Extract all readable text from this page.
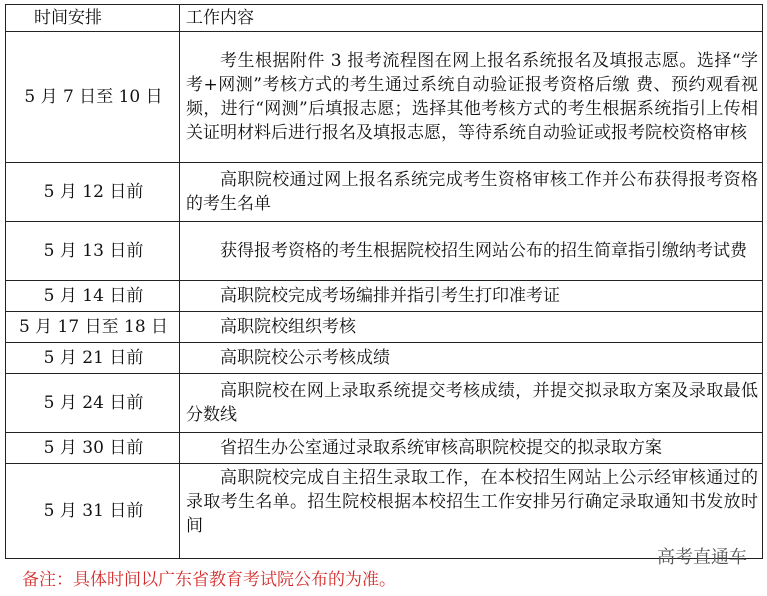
时间安排	工作内容
5 月 7 日至 10 日	考生根据附件 3 报考流程图在网上报名系统报名及填报志愿。选择“学考+网测”考核方式的考生通过系统自动验证报考资格后缴 费、预约观看视频，进行“网测”后填报志愿；选择其他考核方式的考生根据系统指引上传相关证明材料后进行报名及填报志愿，等待系统自动验证或报考院校资格审核
5 月 12 日前	高职院校通过网上报名系统完成考生资格审核工作并公布获得报考资格的考生名单
5 月 13 日前	获得报考资格的考生根据院校招生网站公布的招生简章指引缴纳考试费
5 月 14 日前	高职院校完成考场编排并指引考生打印准考证
5 月 17 日至 18 日	高职院校组织考核
5 月 21 日前	高职院校公示考核成绩
5 月 24 日前	高职院校在网上录取系统提交考核成绩，并提交拟录取方案及录取最低分数线
5 月 30 日前	省招生办公室通过录取系统审核高职院校提交的拟录取方案
5 月 31 日前	高职院校完成自主招生录取工作，在本校招生网站上公示经审核通过的录取考生名单。招生院校根据本校招生工作安排另行确定录取通知书发放时间
高考直通车
备注：具体时间以广东省教育考试院公布的为准。
